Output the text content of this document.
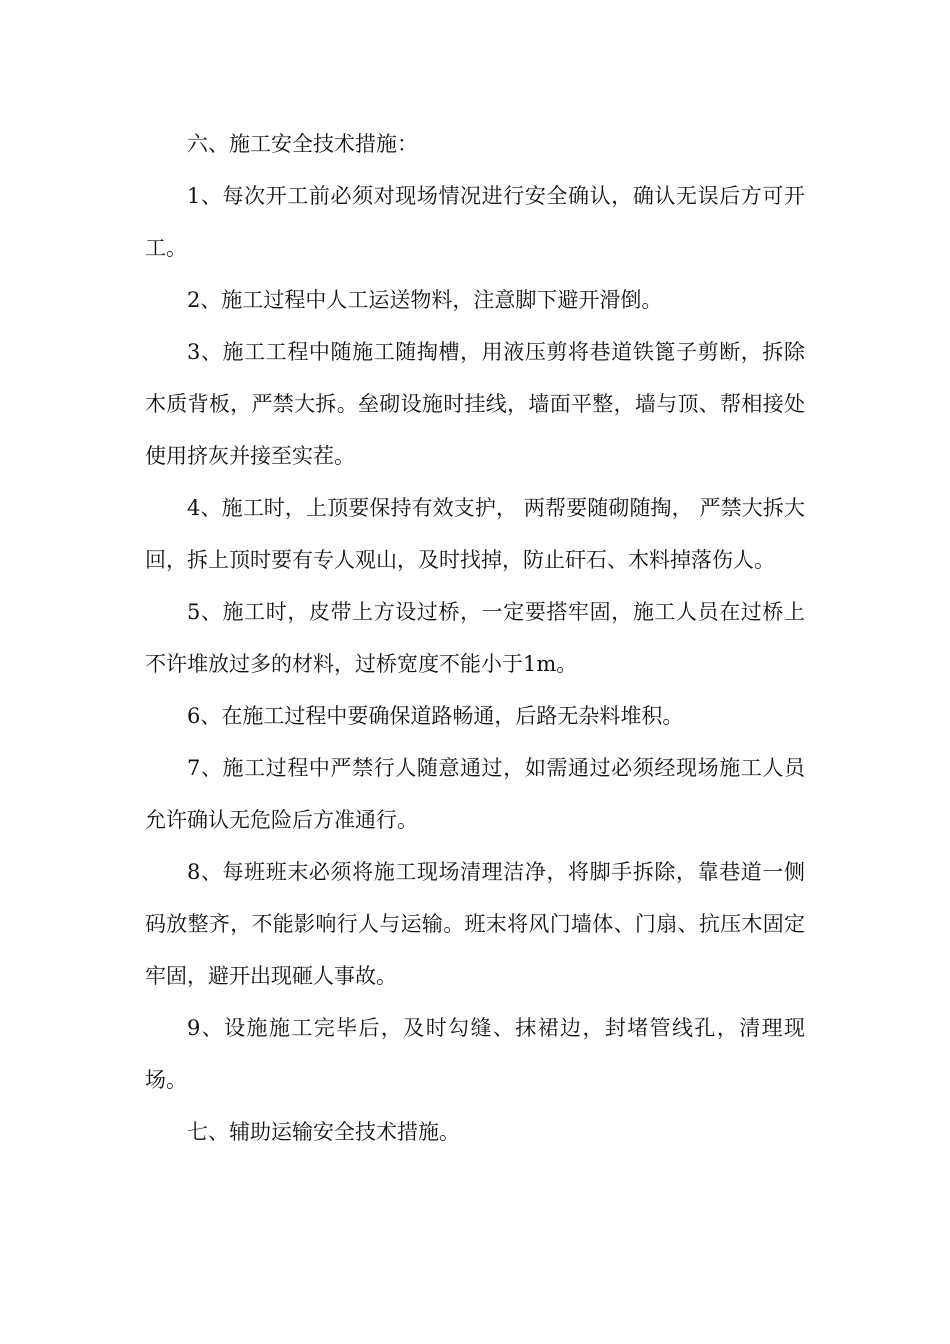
六、施工安全技术措施：

1、每次开工前必须对现场情况进行安全确认，确认无误后方可开工。

2、施工过程中人工运送物料，注意脚下避开滑倒。

3、施工工程中随施工随掏槽，用液压剪将巷道铁篦子剪断，拆除木质背板，严禁大拆。垒砌设施时挂线，墙面平整，墙与顶、帮相接处使用挤灰并接至实茬。

4、施工时，上顶要保持有效支护， 两帮要随砌随掏， 严禁大拆大回，拆上顶时要有专人观山，及时找掉，防止矸石、木料掉落伤人。

5、施工时，皮带上方设过桥，一定要搭牢固，施工人员在过桥上不许堆放过多的材料，过桥宽度不能小于1m。

6、在施工过程中要确保道路畅通，后路无杂料堆积。

7、施工过程中严禁行人随意通过，如需通过必须经现场施工人员允许确认无危险后方准通行。

8、每班班末必须将施工现场清理洁净，将脚手拆除，靠巷道一侧码放整齐，不能影响行人与运输。班末将风门墙体、门扇、抗压木固定牢固，避开出现砸人事故。

9、设施施工完毕后，及时勾缝、抹裙边，封堵管线孔，清理现场。

七、辅助运输安全技术措施。
